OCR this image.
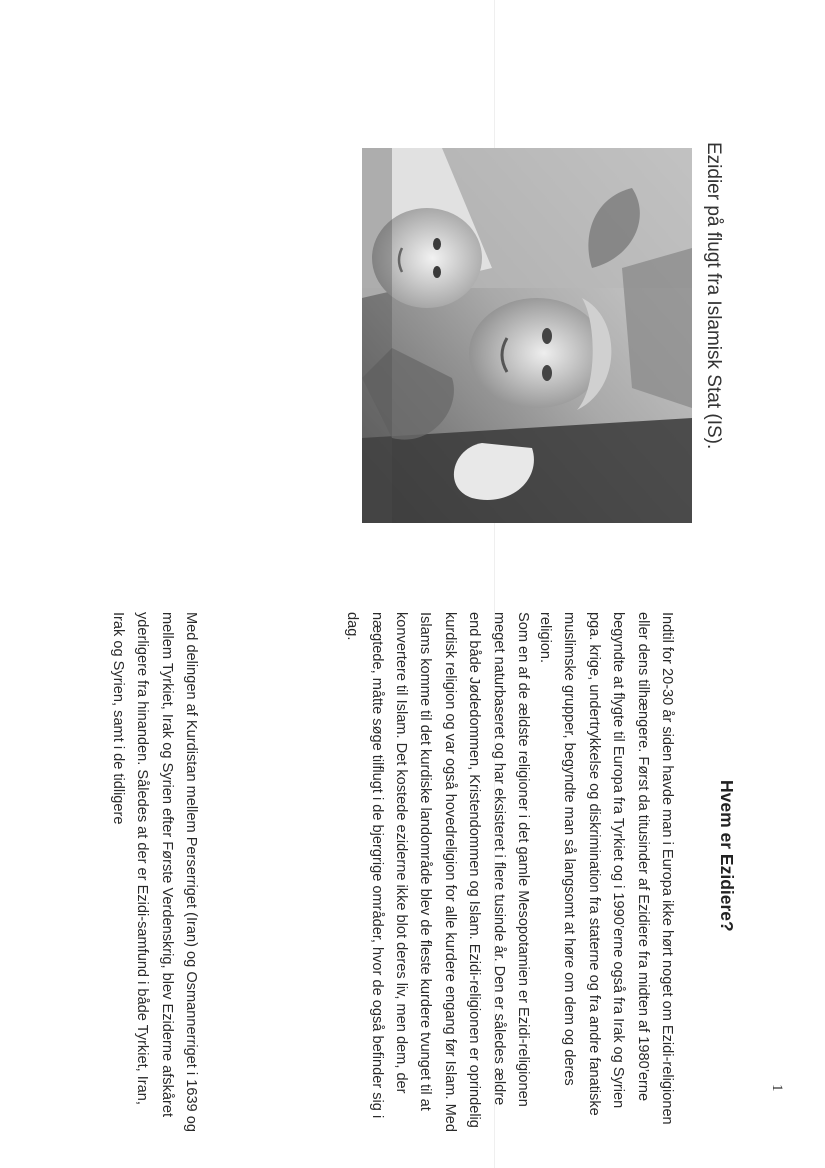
1
Hvem er Ezidiere?

Indtil for 20-30 år siden havde man i Europa ikke hørt noget om Ezidi-religionen eller dens tilhængere. Først da titusinder af Ezidiere fra midten af 1980’erne begyndte at flygte til Europa fra Tyrkiet og i 1990’erne også fra Irak og Syrien pga. krige, undertrykkelse og diskrimination fra staterne og fra andre fanatiske muslimske grupper, begyndte man så langsomt at høre om dem og deres religion.

Som en af de ældste religioner i det gamle Mesopotamien er Ezidi-religionen meget naturbaseret og har eksisteret i flere tusinde år. Den er således ældre end både Jødedommen, Kristendommen og Islam. Ezidi-religionen er oprindelig kurdisk religion og var også hovedreligion for alle kurdere engang før Islam. Med Islams komme til det kurdiske landområde blev de fleste kurdere tvunget til at konvertere til Islam. Det kostede eziderne ikke blot deres liv, men dem, der nægtede, måtte søge tilflugt i de bjergrige områder, hvor de også befinder sig i dag.

Med delingen af Kurdistan mellem Perserriget (Iran) og Osmannerriget i 1639 og mellem Tyrkiet, Irak og Syrien efter Første Verdenskrig, blev Eziderne afskåret yderligere fra hinanden. Således at der er Ezidi-samfund i både Tyrkiet, Iran, Irak og Syrien, samt i de tidligere

Ezidier på flugt fra Islamisk Stat (IS).
